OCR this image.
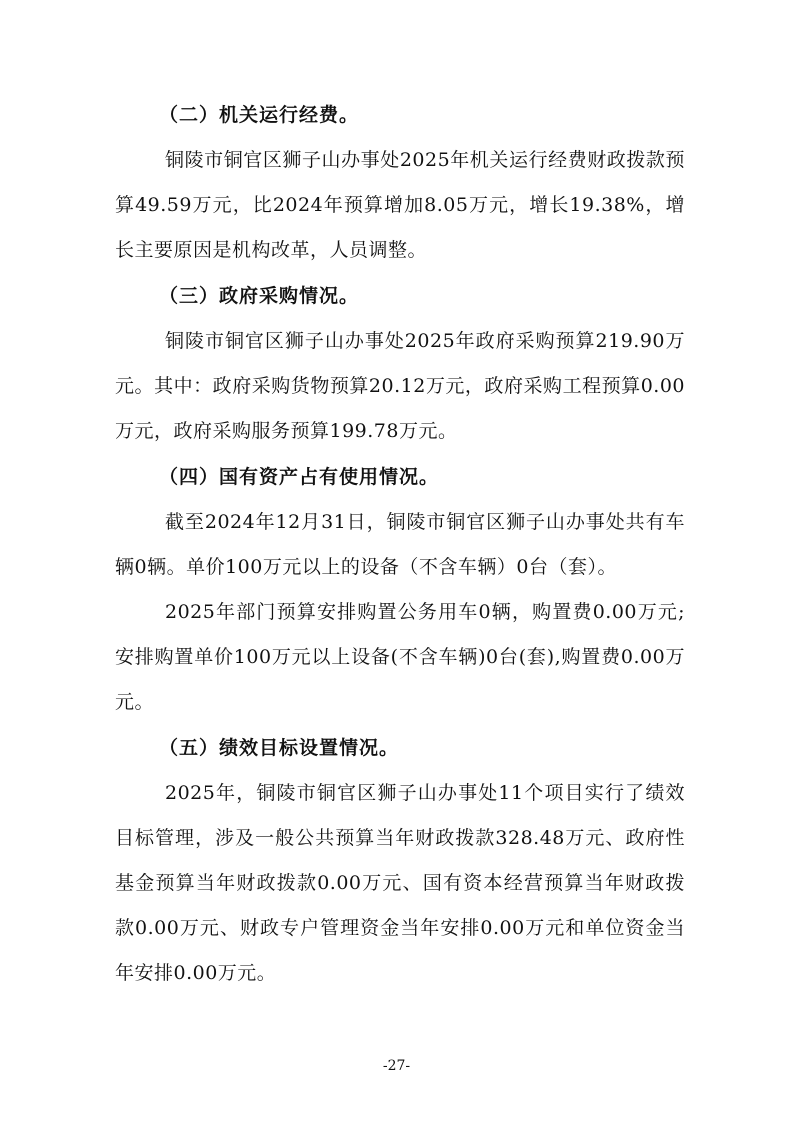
（二）机关运行经费。

铜陵市铜官区狮子山办事处2025年机关运行经费财政拨款预算49.59万元，比2024年预算增加8.05万元，增长19.38%，增长主要原因是机构改革，人员调整。

（三）政府采购情况。

铜陵市铜官区狮子山办事处2025年政府采购预算219.90万元。其中：政府采购货物预算20.12万元，政府采购工程预算0.00万元，政府采购服务预算199.78万元。

（四）国有资产占有使用情况。

截至2024年12月31日，铜陵市铜官区狮子山办事处共有车辆0辆。单价100万元以上的设备（不含车辆）0台（套）。

2025年部门预算安排购置公务用车0辆，购置费0.00万元;安排购置单价100万元以上设备(不含车辆)0台(套),购置费0.00万元。

（五）绩效目标设置情况。

2025年，铜陵市铜官区狮子山办事处11个项目实行了绩效目标管理，涉及一般公共预算当年财政拨款328.48万元、政府性基金预算当年财政拨款0.00万元、国有资本经营预算当年财政拨款0.00万元、财政专户管理资金当年安排0.00万元和单位资金当年安排0.00万元。

-27-
